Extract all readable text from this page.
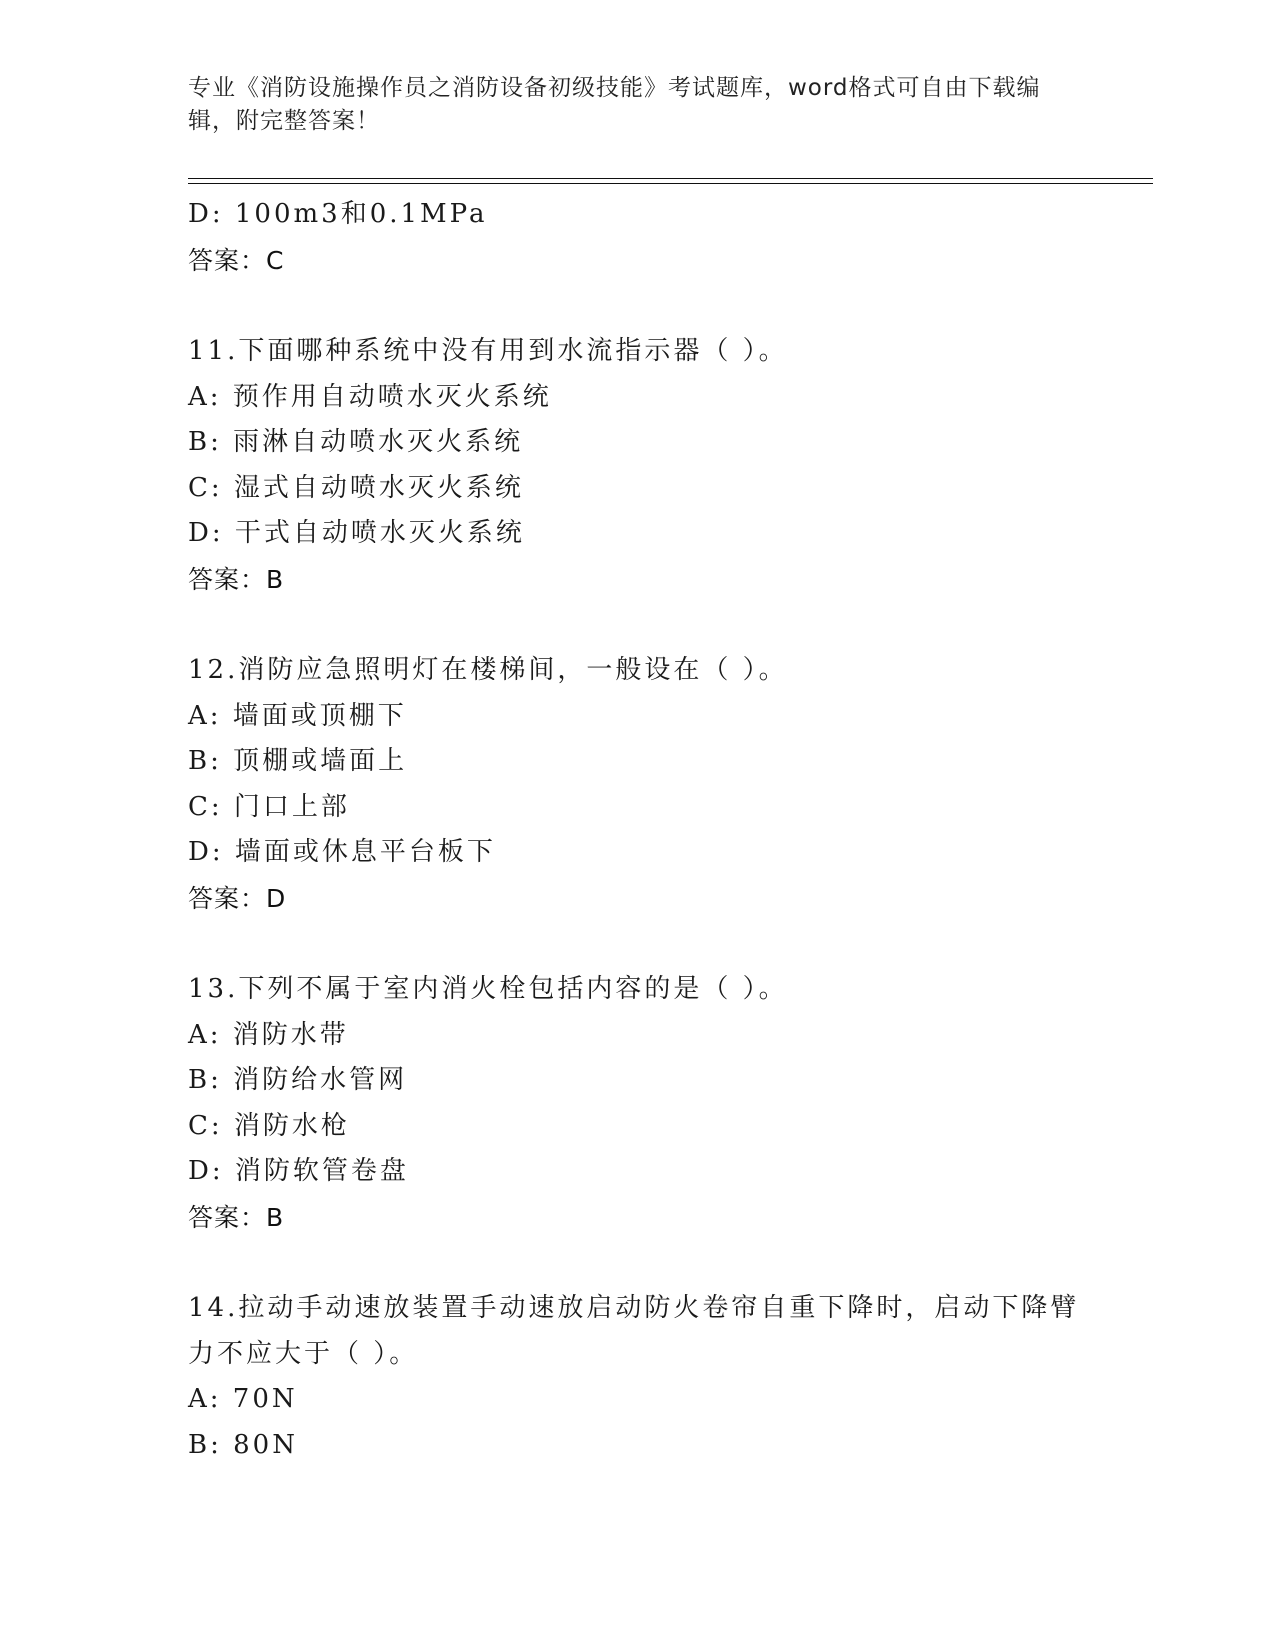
专业《消防设施操作员之消防设备初级技能》考试题库，word格式可自由下载编辑，附完整答案！
D: 100m3和0.1MPa
答案：C
11.下面哪种系统中没有用到水流指示器（ ）。
A: 预作用自动喷水灭火系统
B: 雨淋自动喷水灭火系统
C: 湿式自动喷水灭火系统
D: 干式自动喷水灭火系统
答案：B
12.消防应急照明灯在楼梯间，一般设在（ ）。
A: 墙面或顶棚下
B: 顶棚或墙面上
C: 门口上部
D: 墙面或休息平台板下
答案：D
13.下列不属于室内消火栓包括内容的是（ ）。
A: 消防水带
B: 消防给水管网
C: 消防水枪
D: 消防软管卷盘
答案：B
14.拉动手动速放装置手动速放启动防火卷帘自重下降时，启动下降臂
力不应大于（ ）。
A: 70N
B: 80N
